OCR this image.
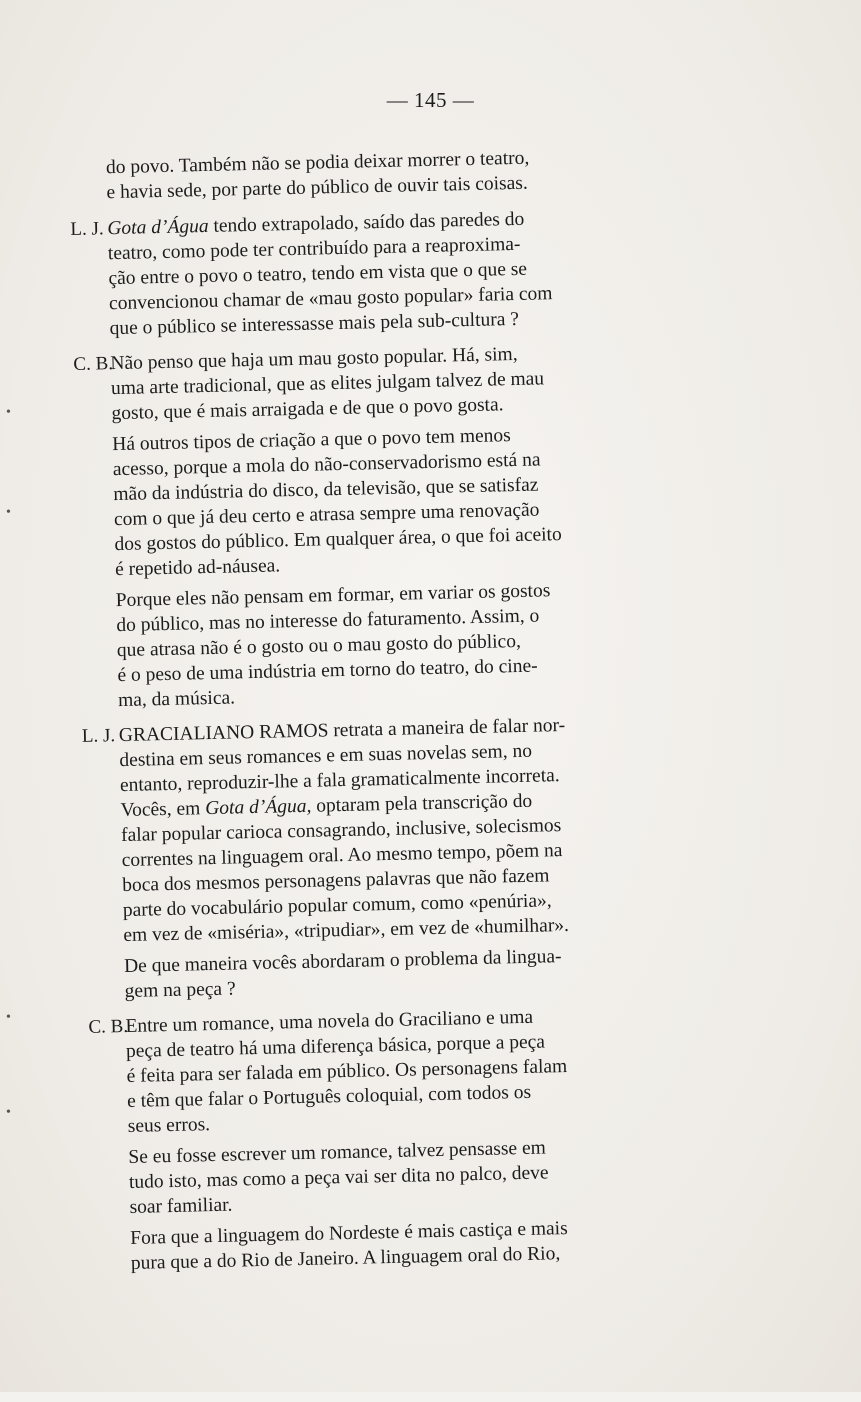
— 145 —
do povo. Também não se podia deixar morrer o teatro,
e havia sede, por parte do público de ouvir tais coisas.
L. J. Gota d’Água tendo extrapolado, saído das paredes do
teatro, como pode ter contribuído para a reaproxima-
ção entre o povo o teatro, tendo em vista que o que se
convencionou chamar de «mau gosto popular» faria com
que o público se interessasse mais pela sub-cultura ?
C. B.
Não penso que haja um mau gosto popular. Há, sim,
uma arte tradicional, que as elites julgam talvez de mau
gosto, que é mais arraigada e de que o povo gosta.
Há outros tipos de criação a que o povo tem menos
acesso, porque a mola do não-conservadorismo está na
mão da indústria do disco, da televisão, que se satisfaz
com o que já deu certo e atrasa sempre uma renovação
dos gostos do público. Em qualquer área, o que foi aceito
é repetido ad-náusea.
Porque eles não pensam em formar, em variar os gostos
do público, mas no interesse do faturamento. Assim, o
que atrasa não é o gosto ou o mau gosto do público,
é o peso de uma indústria em torno do teatro, do cine-
ma, da música.
L. J. GRACIALIANO RAMOS retrata a maneira de falar nor-
destina em seus romances e em suas novelas sem, no
entanto, reproduzir-lhe a fala gramaticalmente incorreta.
Vocês, em Gota d’Água, optaram pela transcrição do
falar popular carioca consagrando, inclusive, solecismos
correntes na linguagem oral. Ao mesmo tempo, põem na
boca dos mesmos personagens palavras que não fazem
parte do vocabulário popular comum, como «penúria»,
em vez de «miséria», «tripudiar», em vez de «humilhar».
De que maneira vocês abordaram o problema da lingua-
gem na peça ?
C. B.
Entre um romance, uma novela do Graciliano e uma
peça de teatro há uma diferença básica, porque a peça
é feita para ser falada em público. Os personagens falam
e têm que falar o Português coloquial, com todos os
seus erros.
Se eu fosse escrever um romance, talvez pensasse em
tudo isto, mas como a peça vai ser dita no palco, deve
soar familiar.
Fora que a linguagem do Nordeste é mais castiça e mais
pura que a do Rio de Janeiro. A linguagem oral do Rio,
•
•
•
•
